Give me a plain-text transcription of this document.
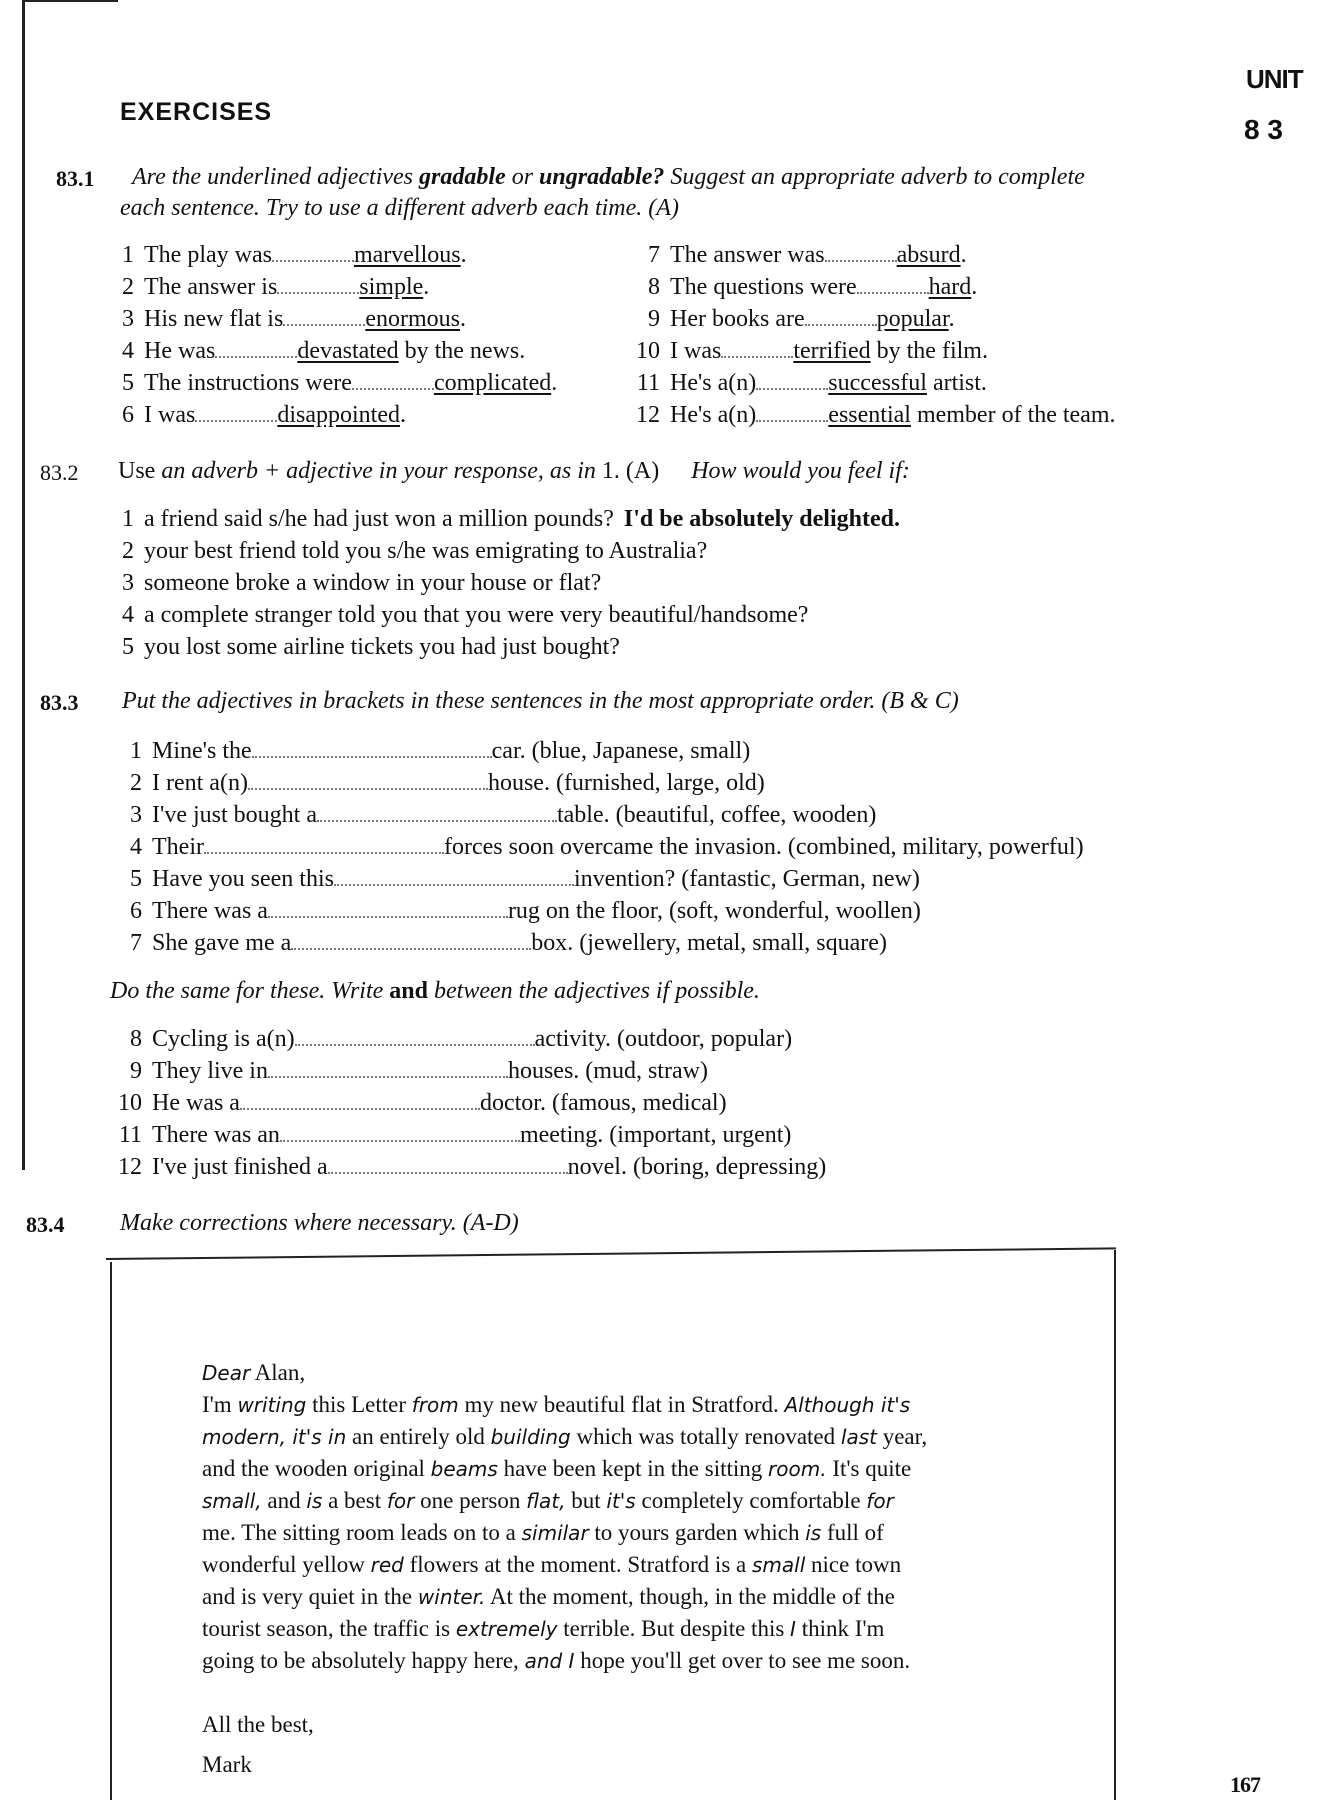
UNIT
8 3
EXERCISES
83.1 Are the underlined adjectives gradable or ungradable? Suggest an appropriate adverb to complete
each sentence. Try to use a different adverb each time. (A)
1 The play was	marvellous.
2 The answer is	simple.
3 His new flat is	enormous.
4 He was	devastated by the news.
5 The instructions were	complicated.
6 I was	disappointed.
7 The answer was	absurd.
8 The questions were	hard.
9 Her books are	popular.
10 I was	terrified by the film.
11 He's a(n)	successful artist.
12 He's a(n)	essential member of the team.
83.2 Use an adverb + adjective in your response, as in 1. (A) How would you feel if:
1 a friend said s/he had just won a million pounds? I'd be absolutely delighted.
2 your best friend told you s/he was emigrating to Australia?
3 someone broke a window in your house or flat?
4 a complete stranger told you that you were very beautiful/handsome?
5 you lost some airline tickets you had just bought?
83.3 Put the adjectives in brackets in these sentences in the most appropriate order. (B & C)
1 Mine's the	car. (blue, Japanese, small)
2 I rent a(n)	house. (furnished, large, old)
3 I've just bought a	table. (beautiful, coffee, wooden)
4 Their	forces soon overcame the invasion. (combined, military, powerful)
5 Have you seen this	invention? (fantastic, German, new)
6 There was a	rug on the floor, (soft, wonderful, woollen)
7 She gave me a	box. (jewellery, metal, small, square)
Do the same for these. Write and between the adjectives if possible.
8 Cycling is a(n)	activity. (outdoor, popular)
9 They live in	houses. (mud, straw)
10 He was a	doctor. (famous, medical)
11 There was an	meeting. (important, urgent)
12 I've just finished a	novel. (boring, depressing)
83.4 Make corrections where necessary. (A-D)
Dear Alan,
I'm writing this Letter from my new beautiful flat in Stratford. Although it's
modern, it's in an entirely old building which was totally renovated last year,
and the wooden original beams have been kept in the sitting room. It's quite
small, and is a best for one person flat, but it's completely comfortable for
me. The sitting room leads on to a similar to yours garden which is full of
wonderful yellow red flowers at the moment. Stratford is a small nice town
and is very quiet in the winter. At the moment, though, in the middle of the
tourist season, the traffic is extremely terrible. But despite this I think I'm
going to be absolutely happy here, and I hope you'll get over to see me soon.
All the best,
Mark
167
